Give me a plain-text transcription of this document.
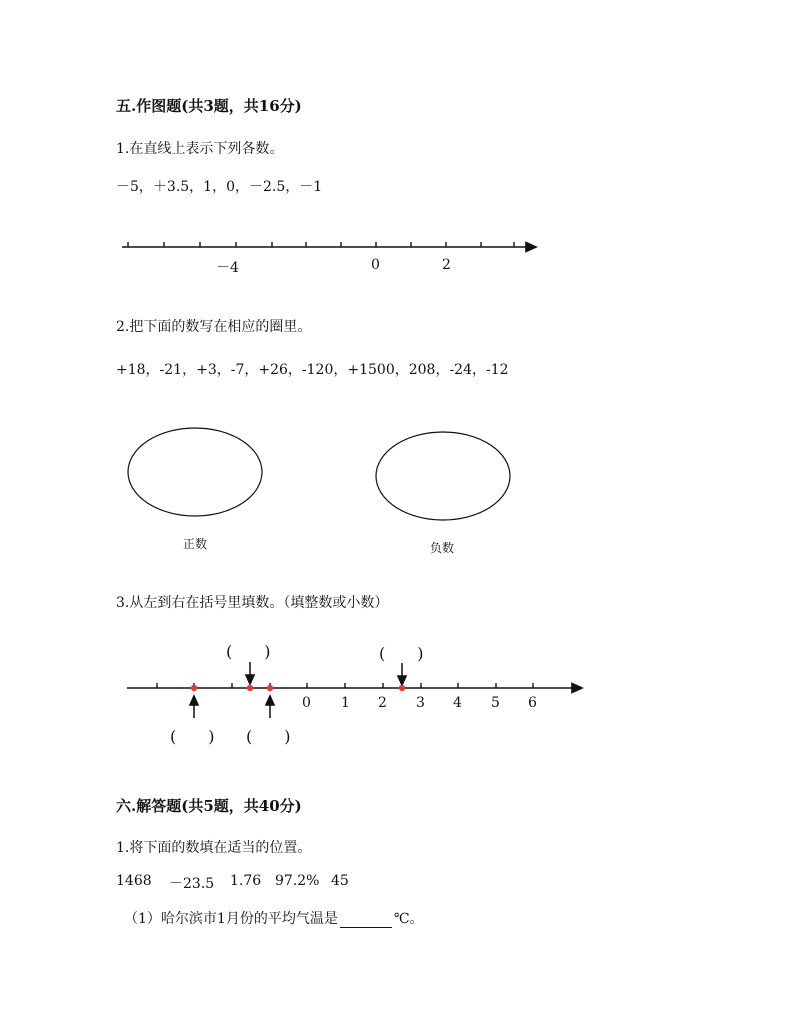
五.作图题(共3题，共16分)
1.在直线上表示下列各数。
－5，＋3.5，1，0，－2.5，－1
－4	0	2
2.把下面的数写在相应的圈里。
+18，-21，+3，-7，+26，-120，+1500，208，-24，-12
正数	负数
3.从左到右在括号里填数。（填整数或小数）
0 1 2 3 4 5 6
(　　)	(　　)
(　　) (　　)
六.解答题(共5题，共40分)
1.将下面的数填在适当的位置。
1468 －23.5 1.76 97.2% 45
（1）哈尔滨市1月份的平均气温是	℃。
